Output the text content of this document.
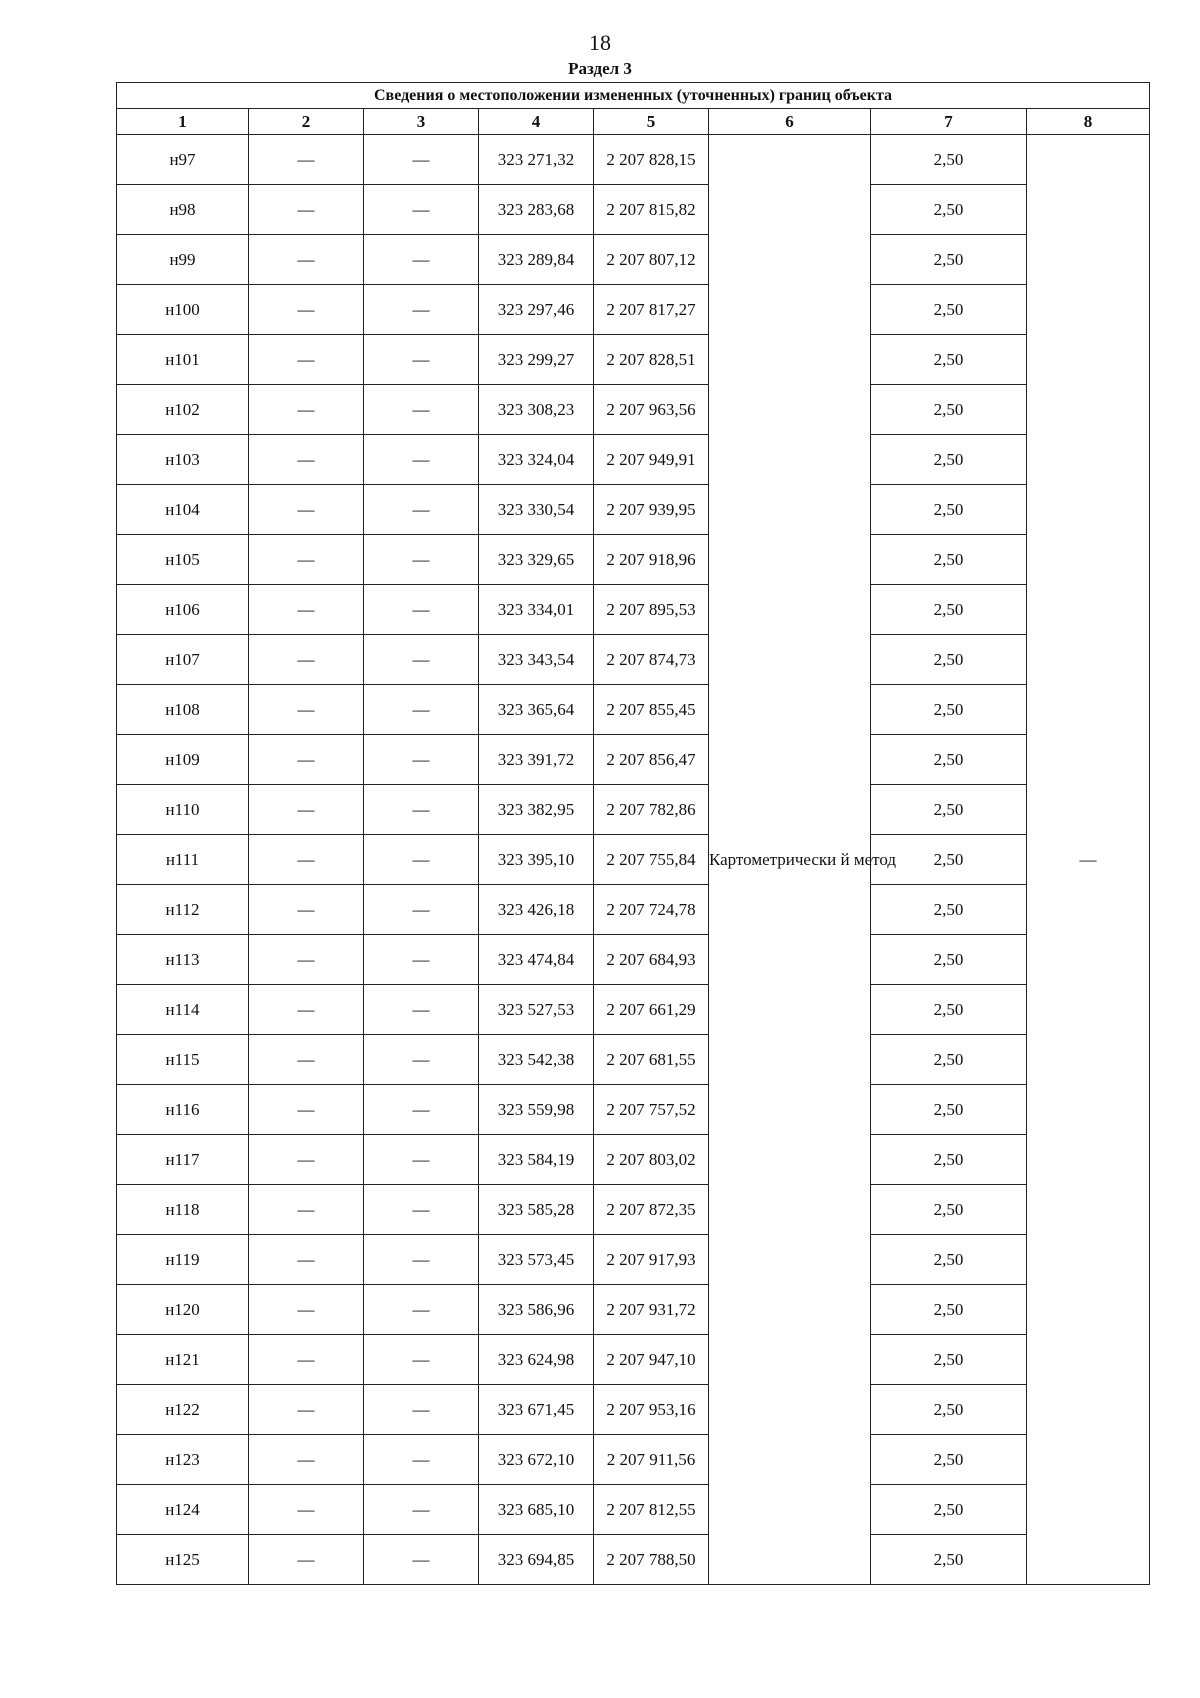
18
Раздел 3
Сведения о местоположении измененных (уточненных) границ объекта							
1	2	3	4	5	6	7	8
н97	—	—	323 271,32	2 207 828,15	Картометрически й метод	2,50	—
н98	—	—	323 283,68	2 207 815,82		2,50	
н99	—	—	323 289,84	2 207 807,12		2,50	
н100	—	—	323 297,46	2 207 817,27		2,50	
н101	—	—	323 299,27	2 207 828,51		2,50	
н102	—	—	323 308,23	2 207 963,56		2,50	
н103	—	—	323 324,04	2 207 949,91		2,50	
н104	—	—	323 330,54	2 207 939,95		2,50	
н105	—	—	323 329,65	2 207 918,96		2,50	
н106	—	—	323 334,01	2 207 895,53		2,50	
н107	—	—	323 343,54	2 207 874,73		2,50	
н108	—	—	323 365,64	2 207 855,45		2,50	
н109	—	—	323 391,72	2 207 856,47		2,50	
н110	—	—	323 382,95	2 207 782,86		2,50	
н111	—	—	323 395,10	2 207 755,84		2,50	
н112	—	—	323 426,18	2 207 724,78		2,50	
н113	—	—	323 474,84	2 207 684,93		2,50	
н114	—	—	323 527,53	2 207 661,29		2,50	
н115	—	—	323 542,38	2 207 681,55		2,50	
н116	—	—	323 559,98	2 207 757,52		2,50	
н117	—	—	323 584,19	2 207 803,02		2,50	
н118	—	—	323 585,28	2 207 872,35		2,50	
н119	—	—	323 573,45	2 207 917,93		2,50	
н120	—	—	323 586,96	2 207 931,72		2,50	
н121	—	—	323 624,98	2 207 947,10		2,50	
н122	—	—	323 671,45	2 207 953,16		2,50	
н123	—	—	323 672,10	2 207 911,56		2,50	
н124	—	—	323 685,10	2 207 812,55		2,50	
н125	—	—	323 694,85	2 207 788,50		2,50	
